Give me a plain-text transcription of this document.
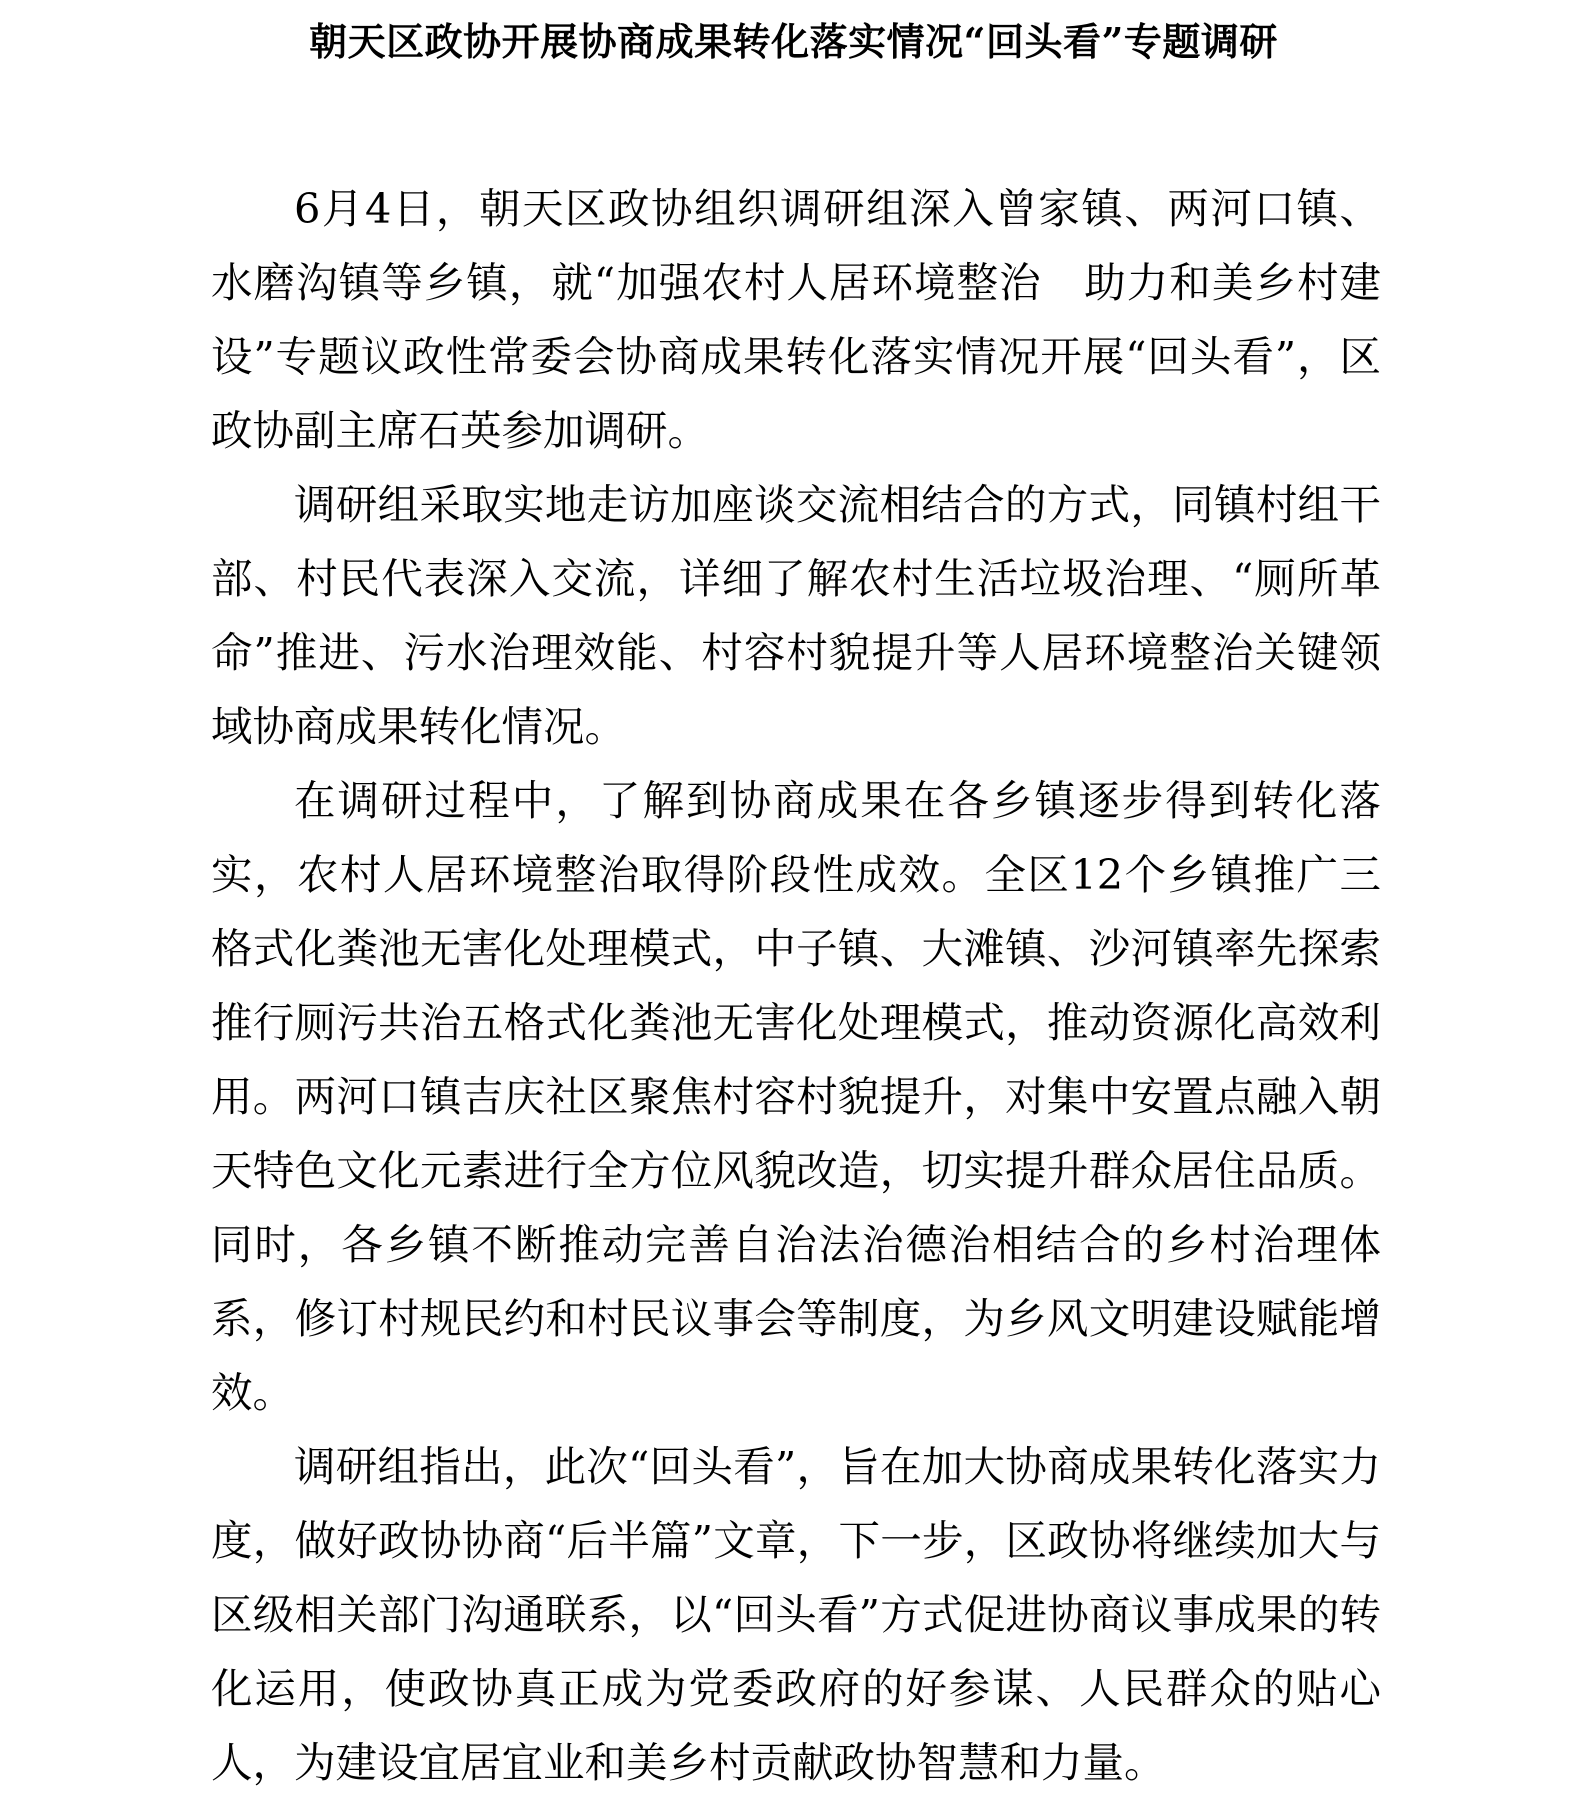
朝天区政协开展协商成果转化落实情况“回头看”专题调研

6月4日，朝天区政协组织调研组深入曾家镇、两河口镇、水磨沟镇等乡镇，就“加强农村人居环境整治　助力和美乡村建设”专题议政性常委会协商成果转化落实情况开展“回头看”，区政协副主席石英参加调研。

调研组采取实地走访加座谈交流相结合的方式，同镇村组干部、村民代表深入交流，详细了解农村生活垃圾治理、“厕所革命”推进、污水治理效能、村容村貌提升等人居环境整治关键领域协商成果转化情况。

在调研过程中，了解到协商成果在各乡镇逐步得到转化落实，农村人居环境整治取得阶段性成效。全区12个乡镇推广三格式化粪池无害化处理模式，中子镇、大滩镇、沙河镇率先探索推行厕污共治五格式化粪池无害化处理模式，推动资源化高效利用。两河口镇吉庆社区聚焦村容村貌提升，对集中安置点融入朝天特色文化元素进行全方位风貌改造，切实提升群众居住品质。同时，各乡镇不断推动完善自治法治德治相结合的乡村治理体系，修订村规民约和村民议事会等制度，为乡风文明建设赋能增效。

调研组指出，此次“回头看”，旨在加大协商成果转化落实力度，做好政协协商“后半篇”文章，下一步，区政协将继续加大与区级相关部门沟通联系，以“回头看”方式促进协商议事成果的转化运用，使政协真正成为党委政府的好参谋、人民群众的贴心人，为建设宜居宜业和美乡村贡献政协智慧和力量。
